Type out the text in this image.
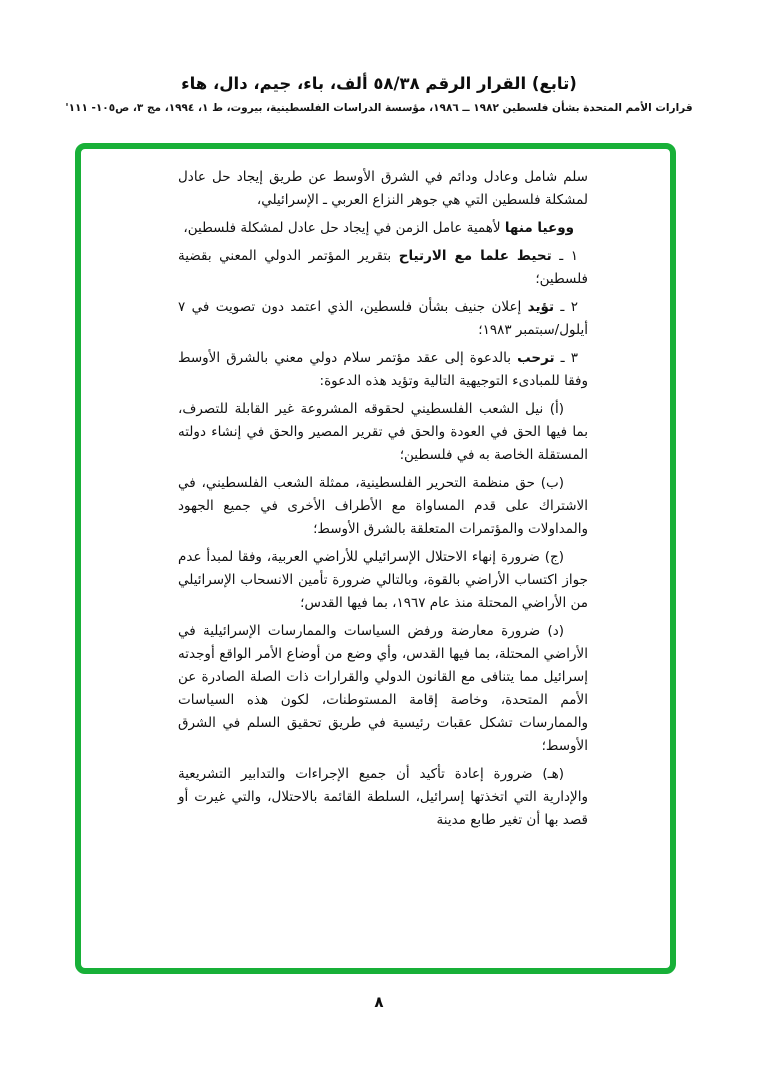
(تابع) القرار الرقم ٥٨/٣٨ ألف، باء، جيم، دال، هاء
قرارات الأمم المتحدة بشأن فلسطين ١٩٨٢ ــ ١٩٨٦، مؤسسة الدراسات الفلسطينية، بيروت، ط ١، ١٩٩٤، مج ٣، ص١٠٥- ١١١'

سلم شامل وعادل ودائم في الشرق الأوسط عن طريق إيجاد حل عادل لمشكلة فلسطين التي هي جوهر النزاع العربي ـ الإسرائيلي،

ووعيا منها لأهمية عامل الزمن في إيجاد حل عادل لمشكلة فلسطين،

١ ـ تحيط علما مع الارتياح بتقرير المؤتمر الدولي المعني بقضية فلسطين؛

٢ ـ تؤيد إعلان جنيف بشأن فلسطين، الذي اعتمد دون تصويت في ٧ أيلول/سبتمبر ١٩٨٣؛

٣ ـ ترحب بالدعوة إلى عقد مؤتمر سلام دولي معني بالشرق الأوسط وفقا للمبادىء التوجيهية التالية وتؤيد هذه الدعوة:

(أ) نيل الشعب الفلسطيني لحقوقه المشروعة غير القابلة للتصرف، بما فيها الحق في العودة والحق في تقرير المصير والحق في إنشاء دولته المستقلة الخاصة به في فلسطين؛

(ب) حق منظمة التحرير الفلسطينية، ممثلة الشعب الفلسطيني، في الاشتراك على قدم المساواة مع الأطراف الأخرى في جميع الجهود والمداولات والمؤتمرات المتعلقة بالشرق الأوسط؛

(ج) ضرورة إنهاء الاحتلال الإسرائيلي للأراضي العربية، وفقا لمبدأ عدم جواز اكتساب الأراضي بالقوة، وبالتالي ضرورة تأمين الانسحاب الإسرائيلي من الأراضي المحتلة منذ عام ١٩٦٧، بما فيها القدس؛

(د) ضرورة معارضة ورفض السياسات والممارسات الإسرائيلية في الأراضي المحتلة، بما فيها القدس، وأي وضع من أوضاع الأمر الواقع أوجدته إسرائيل مما يتنافى مع القانون الدولي والقرارات ذات الصلة الصادرة عن الأمم المتحدة، وخاصة إقامة المستوطنات، لكون هذه السياسات والممارسات تشكل عقبات رئيسية في طريق تحقيق السلم في الشرق الأوسط؛

(هـ) ضرورة إعادة تأكيد أن جميع الإجراءات والتدابير التشريعية والإدارية التي اتخذتها إسرائيل، السلطة القائمة بالاحتلال، والتي غيرت أو قصد بها أن تغير طابع مدينة

٨
